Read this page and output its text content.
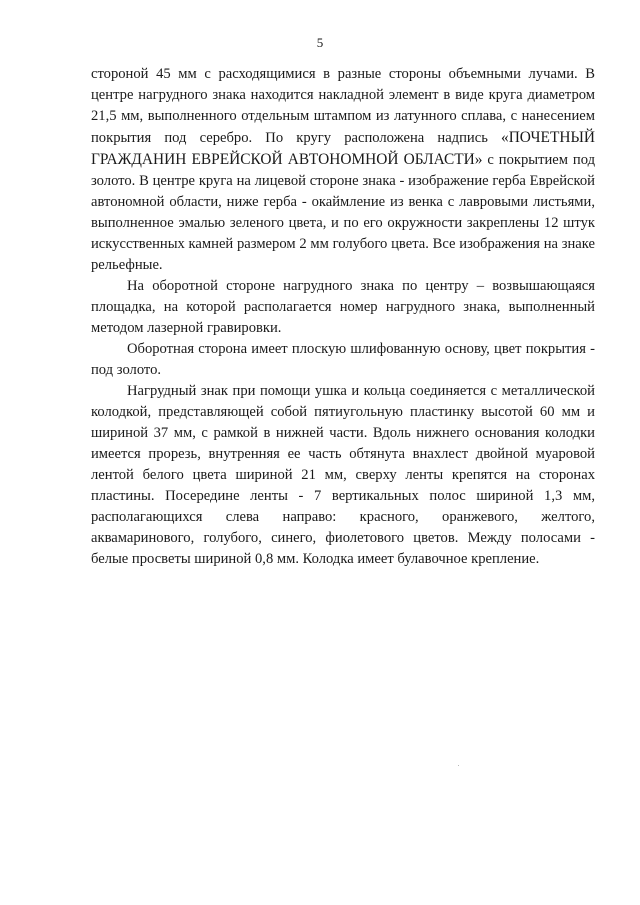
5

стороной 45 мм с расходящимися в разные стороны объемными лучами. В центре нагрудного знака находится накладной элемент в виде круга диаметром 21,5 мм, выполненного отдельным штампом из латунного сплава, с нанесением покрытия под серебро. По кругу расположена надпись «ПОЧЕТНЫЙ ГРАЖДАНИН ЕВРЕЙСКОЙ АВТОНОМНОЙ ОБЛАСТИ» с покрытием под золото. В центре круга на лицевой стороне знака - изображение герба Еврейской автономной области, ниже герба - окаймление из венка с лавровыми листьями, выполненное эмалью зеленого цвета, и по его окружности закреплены 12 штук искусственных камней размером 2 мм голубого цвета. Все изображения на знаке рельефные.

На оборотной стороне нагрудного знака по центру – возвышающаяся площадка, на которой располагается номер нагрудного знака, выполненный методом лазерной гравировки.

Оборотная сторона имеет плоскую шлифованную основу, цвет покрытия - под золото.

Нагрудный знак при помощи ушка и кольца соединяется с металлической колодкой, представляющей собой пятиугольную пластинку высотой 60 мм и шириной 37 мм, с рамкой в нижней части. Вдоль нижнего основания колодки имеется прорезь, внутренняя ее часть обтянута внахлест двойной муаровой лентой белого цвета шириной 21 мм, сверху ленты крепятся на сторонах пластины. Посередине ленты - 7 вертикальных полос шириной 1,3 мм, располагающихся слева направо: красного, оранжевого, желтого, аквамаринового, голубого, синего, фиолетового цветов. Между полосами - белые просветы шириной 0,8 мм. Колодка имеет булавочное крепление.
